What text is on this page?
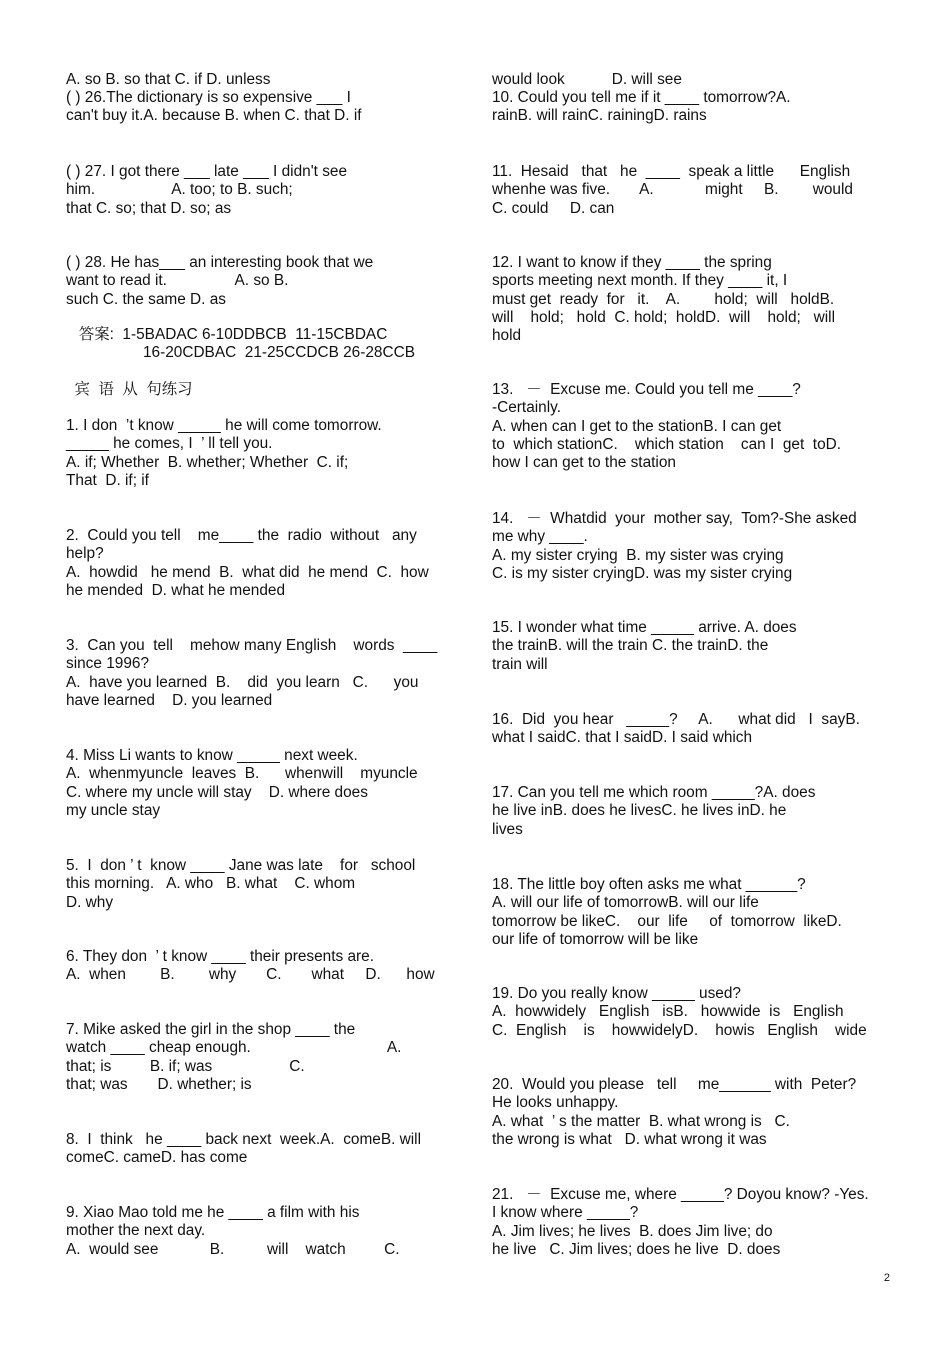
A. so B. so that C. if D. unless
( ) 26.The dictionary is so expensive ___ I
can't buy it.A. because B. when C. that D. if
( ) 27. I got there ___ late ___ I didn't see
him.                  A. too; to B. such;
that C. so; that D. so; as
( ) 28. He has___ an interesting book that we
want to read it.                A. so B.
such C. the same D. as
答案:  1-5BADAC 6-10DDBCB  11-15CBDAC
16-20CDBAC  21-25CCDCB 26-28CCB
宾  语  从  句练习
1. I don  ’t know _____ he will come tomorrow.
_____ he comes, I  ’ ll tell you.
A. if; Whether  B. whether; Whether  C. if;
That  D. if; if
2.  Could you tell    me____ the  radio  without   any
help?
A.  howdid   he mend  B.  what did  he mend  C.  how
he mended  D. what he mended
3.  Can you  tell    mehow many English    words  ____
since 1996?
A.  have you learned  B.    did  you learn   C.      you
have learned    D. you learned
4. Miss Li wants to know _____ next week.
A.  whenmyuncle  leaves  B.      whenwill    myuncle
C. where my uncle will stay    D. where does
my uncle stay
5.  I  don ’ t  know ____ Jane was late    for   school
this morning.   A. who   B. what    C. whom
D. why
6. They don  ’ t know ____ their presents are.
A.  when        B.        why       C.       what     D.      how
7. Mike asked the girl in the shop ____ the
watch ____ cheap enough.                                A.
that; is         B. if; was                  C.
that; was       D. whether; is
8.  I  think   he ____ back next  week.A.  comeB. will
comeC. cameD. has come
9. Xiao Mao told me he ____ a film with his
mother the next day.
A.  would see            B.          will    watch         C.
would look           D. will see
10. Could you tell me if it ____ tomorrow?A.
rainB. will rainC. rainingD. rains
11.  Hesaid   that   he  ____  speak a little      English
whenhe was five.       A.            might     B.        would
C. could     D. can
12. I want to know if they ____ the spring
sports meeting next month. If they ____ it, I
must get  ready  for   it.    A.        hold;  will   holdB.
will    hold;   hold  C. hold;  holdD.  will    hold;   will
hold
13.   －  Excuse me. Could you tell me ____?
-Certainly.
A. when can I get to the stationB. I can get
to  which stationC.    which station    can I  get  toD.
how I can get to the station
14.   －  Whatdid  your  mother say,  Tom?-She asked
me why ____.
A. my sister crying  B. my sister was crying
C. is my sister cryingD. was my sister crying
15. I wonder what time _____ arrive. A. does
the trainB. will the train C. the trainD. the
train will
16.  Did  you hear   _____?     A.      what did   I  sayB.
what I saidC. that I saidD. I said which
17. Can you tell me which room _____?A. does
he live inB. does he livesC. he lives inD. he
lives
18. The little boy often asks me what ______?
A. will our life of tomorrowB. will our life
tomorrow be likeC.    our  life     of  tomorrow  likeD.
our life of tomorrow will be like
19. Do you really know _____ used?
A.  howwidely   English   isB.   howwide  is   English
C.  English    is    howwidelyD.    howis   English    wide
20.  Would you please   tell     me______ with  Peter?
He looks unhappy.
A. what  ’ s the matter  B. what wrong is   C.
the wrong is what   D. what wrong it was
21.   －  Excuse me, where _____? Doyou know? -Yes.
I know where _____?
A. Jim lives; he lives  B. does Jim live; do
he live   C. Jim lives; does he live  D. does
2
